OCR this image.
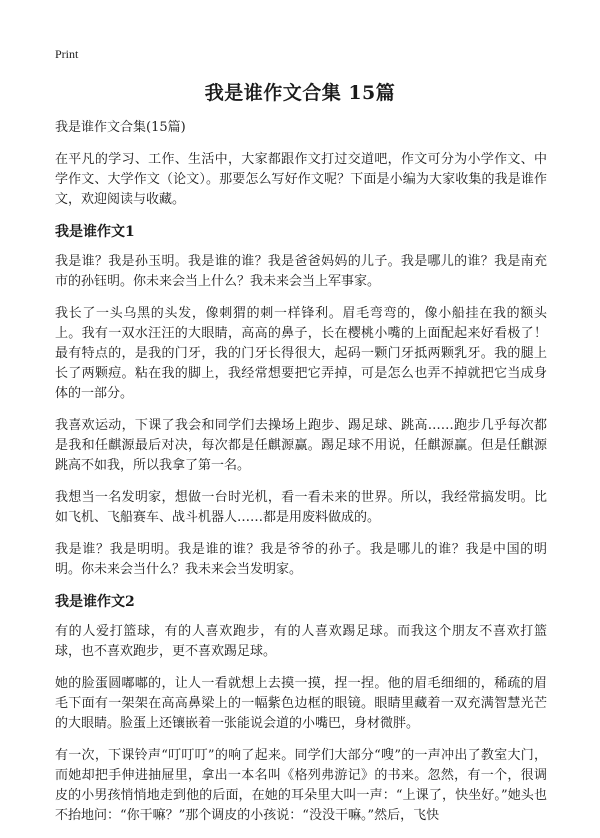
Print
我是谁作文合集 15篇

我是谁作文合集(15篇)

在平凡的学习、工作、生活中，大家都跟作文打过交道吧，作文可分为小学作文、中学作文、大学作文（论文）。那要怎么写好作文呢？下面是小编为大家收集的我是谁作文，欢迎阅读与收藏。

我是谁作文1

我是谁？我是孙玉明。我是谁的谁？我是爸爸妈妈的儿子。我是哪儿的谁？我是南充市的孙钰明。你未来会当上什么？我未来会当上军事家。

我长了一头乌黑的头发，像刺猬的刺一样锋利。眉毛弯弯的，像小船挂在我的额头上。我有一双水汪汪的大眼睛，高高的鼻子，长在樱桃小嘴的上面配起来好看极了！最有特点的，是我的门牙，我的门牙长得很大，起码一颗门牙抵两颗乳牙。我的腿上长了两颗痘。粘在我的脚上，我经常想要把它弄掉，可是怎么也弄不掉就把它当成身体的一部分。

我喜欢运动，下课了我会和同学们去操场上跑步、踢足球、跳高……跑步几乎每次都是我和任麒源最后对决，每次都是任麒源赢。踢足球不用说，任麒源赢。但是任麒源跳高不如我，所以我拿了第一名。

我想当一名发明家，想做一台时光机，看一看未来的世界。所以，我经常搞发明。比如飞机、飞船赛车、战斗机器人……都是用废料做成的。

我是谁？我是明明。我是谁的谁？我是爷爷的孙子。我是哪儿的谁？我是中国的明明。你未来会当什么？我未来会当发明家。

我是谁作文2

有的人爱打篮球，有的人喜欢跑步，有的人喜欢踢足球。而我这个朋友不喜欢打篮球，也不喜欢跑步，更不喜欢踢足球。

她的脸蛋圆嘟嘟的，让人一看就想上去摸一摸，捏一捏。他的眉毛细细的，稀疏的眉毛下面有一架架在高高鼻梁上的一幅紫色边框的眼镜。眼睛里藏着一双充满智慧光芒的大眼睛。脸蛋上还镶嵌着一张能说会道的小嘴巴，身材微胖。

有一次，下课铃声“叮叮叮”的响了起来。同学们大部分“嗖”的一声冲出了教室大门，而她却把手伸进抽屉里，拿出一本名叫《格列弗游记》的书来。忽然，有一个，很调皮的小男孩悄悄地走到他的后面，在她的耳朵里大叫一声：“上课了，快坐好。”她头也不抬地问：“你干嘛？”那个调皮的小孩说：“没没干嘛。”然后，飞快
